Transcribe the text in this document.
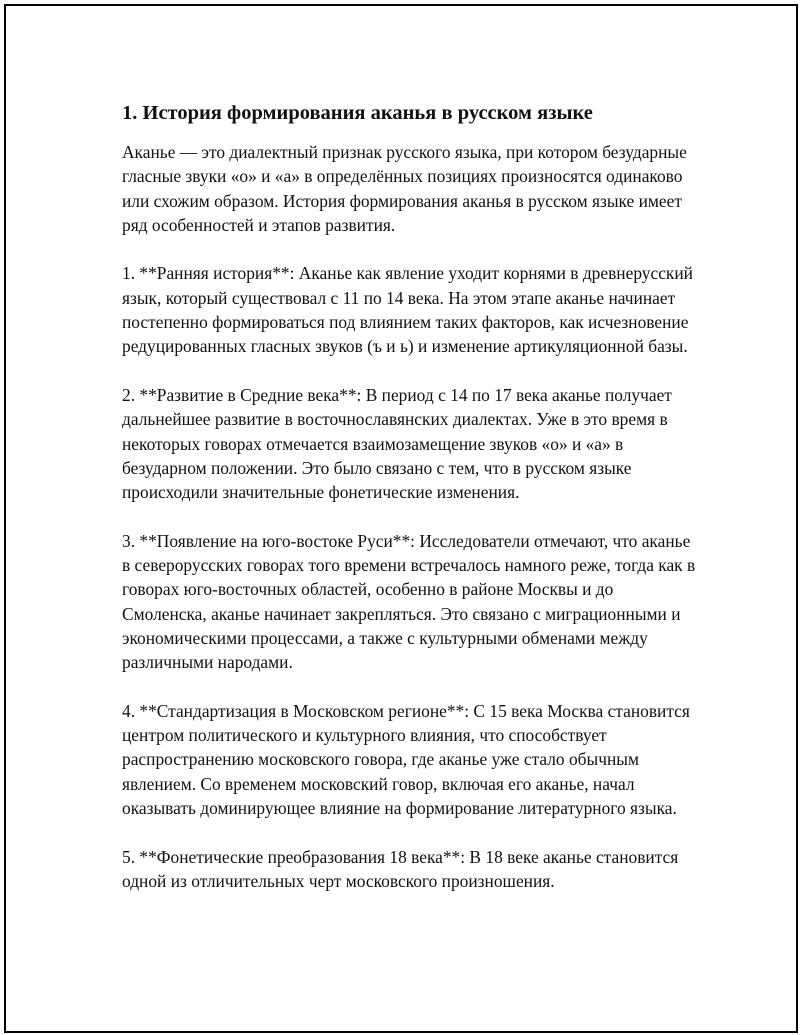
1. История формирования аканья в русском языке

Аканье — это диалектный признак русского языка, при котором безударные гласные звуки «о» и «а» в определённых позициях произносятся одинаково или схожим образом. История формирования аканья в русском языке имеет ряд особенностей и этапов развития.

1. **Ранняя история**: Аканье как явление уходит корнями в древнерусский язык, который существовал с 11 по 14 века. На этом этапе аканье начинает постепенно формироваться под влиянием таких факторов, как исчезновение редуцированных гласных звуков (ъ и ь) и изменение артикуляционной базы.

2. **Развитие в Средние века**: В период с 14 по 17 века аканье получает дальнейшее развитие в восточнославянских диалектах. Уже в это время в некоторых говорах отмечается взаимозамещение звуков «о» и «а» в безударном положении. Это было связано с тем, что в русском языке происходили значительные фонетические изменения.

3. **Появление на юго-востоке Руси**: Исследователи отмечают, что аканье в северорусских говорах того времени встречалось намного реже, тогда как в говорах юго-восточных областей, особенно в районе Москвы и до Смоленска, аканье начинает закрепляться. Это связано с миграционными и экономическими процессами, а также с культурными обменами между различными народами.

4. **Стандартизация в Московском регионе**: С 15 века Москва становится центром политического и культурного влияния, что способствует распространению московского говора, где аканье уже стало обычным явлением. Со временем московский говор, включая его аканье, начал оказывать доминирующее влияние на формирование литературного языка.

5. **Фонетические преобразования 18 века**: В 18 веке аканье становится одной из отличительных черт московского произношения.
